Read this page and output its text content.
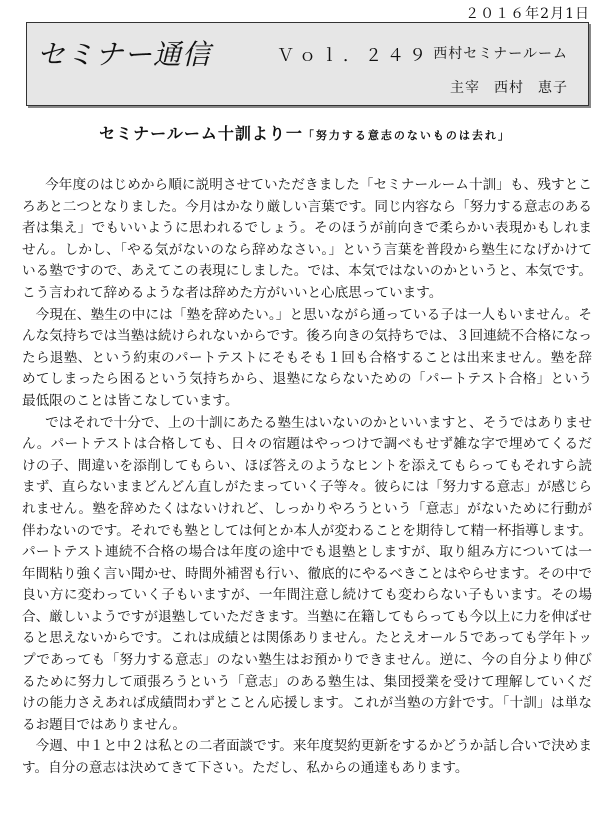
２０１６年2月1日
セミナー通信	Ｖｏｌ．２４９ 西村セミナールーム
主宰 西村 恵子
セミナールーム十訓より一「努力する意志のないものは去れ」

今年度のはじめから順に説明させていただきました「セミナールーム十訓」も、残すところあと二つとなりました。今月はかなり厳しい言葉です。同じ内容なら「努力する意志のある者は集え」でもいいように思われるでしょう。そのほうが前向きで柔らかい表現かもしれません。しかし、「やる気がないのなら辞めなさい。」という言葉を普段から塾生になげかけている塾ですので、あえてこの表現にしました。では、本気ではないのかというと、本気です。こう言われて辞めるような者は辞めた方がいいと心底思っています。

今現在、塾生の中には「塾を辞めたい。」と思いながら通っている子は一人もいません。そんな気持ちでは当塾は続けられないからです。後ろ向きの気持ちでは、３回連続不合格になったら退塾、という約束のパートテストにそもそも１回も合格することは出来ません。塾を辞めてしまったら困るという気持ちから、退塾にならないための「パートテスト合格」という最低限のことは皆こなしています。

ではそれで十分で、上の十訓にあたる塾生はいないのかといいますと、そうではありません。パートテストは合格しても、日々の宿題はやっつけで調べもせず雑な字で埋めてくるだけの子、間違いを添削してもらい、ほぼ答えのようなヒントを添えてもらってもそれすら読まず、直らないままどんどん直しがたまっていく子等々。彼らには「努力する意志」が感じられません。塾を辞めたくはないけれど、しっかりやろうという「意志」がないために行動が伴わないのです。それでも塾としては何とか本人が変わることを期待して精一杯指導します。パートテスト連続不合格の場合は年度の途中でも退塾としますが、取り組み方については一年間粘り強く言い聞かせ、時間外補習も行い、徹底的にやるべきことはやらせます。その中で良い方に変わっていく子もいますが、一年間注意し続けても変わらない子もいます。その場合、厳しいようですが退塾していただきます。当塾に在籍してもらっても今以上に力を伸ばせると思えないからです。これは成績とは関係ありません。たとえオール５であっても学年トップであっても「努力する意志」のない塾生はお預かりできません。逆に、今の自分より伸びるために努力して頑張ろうという「意志」のある塾生は、集団授業を受けて理解していくだけの能力さえあれば成績問わずとことん応援します。これが当塾の方針です。「十訓」は単なるお題目ではありません。

今週、中１と中２は私との二者面談です。来年度契約更新をするかどうか話し合いで決めます。自分の意志は決めてきて下さい。ただし、私からの通達もあります。
